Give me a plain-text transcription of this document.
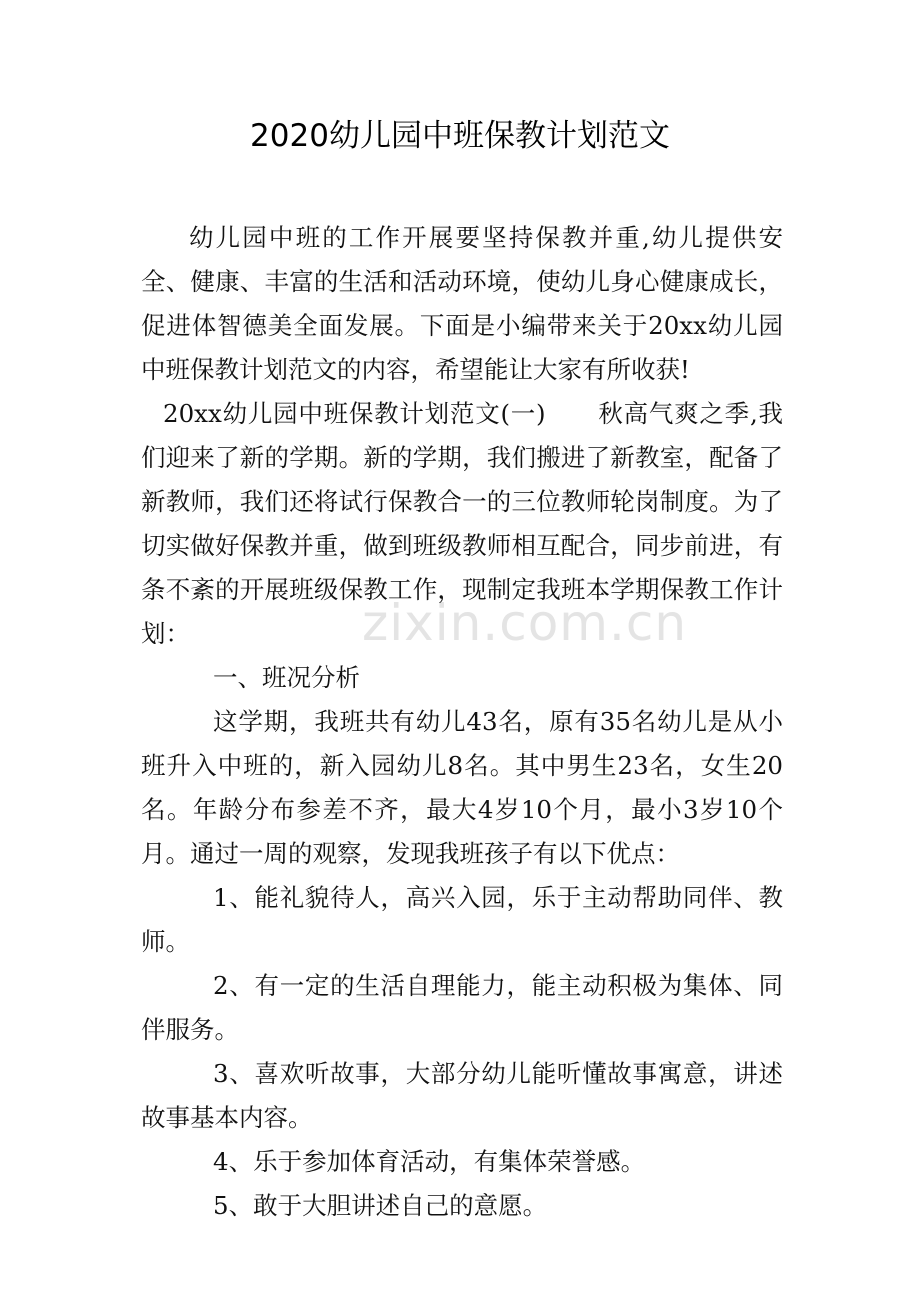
zixin.com.cn
2020幼儿园中班保教计划范文

幼儿园中班的工作开展要坚持保教并重,幼儿提供安全、健康、丰富的生活和活动环境，使幼儿身心健康成长，促进体智德美全面发展。下面是小编带来关于20xx幼儿园中班保教计划范文的内容，希望能让大家有所收获!

20xx幼儿园中班保教计划范文(一) 秋高气爽之季,我们迎来了新的学期。新的学期，我们搬进了新教室，配备了新教师，我们还将试行保教合一的三位教师轮岗制度。为了切实做好保教并重，做到班级教师相互配合，同步前进，有条不紊的开展班级保教工作，现制定我班本学期保教工作计划：

一、班况分析

这学期，我班共有幼儿43名，原有35名幼儿是从小班升入中班的，新入园幼儿8名。其中男生23名，女生20名。年龄分布参差不齐，最大4岁10个月，最小3岁10个月。通过一周的观察，发现我班孩子有以下优点：

1、能礼貌待人，高兴入园，乐于主动帮助同伴、教师。

2、有一定的生活自理能力，能主动积极为集体、同伴服务。

3、喜欢听故事，大部分幼儿能听懂故事寓意，讲述故事基本内容。

4、乐于参加体育活动，有集体荣誉感。

5、敢于大胆讲述自己的意愿。
